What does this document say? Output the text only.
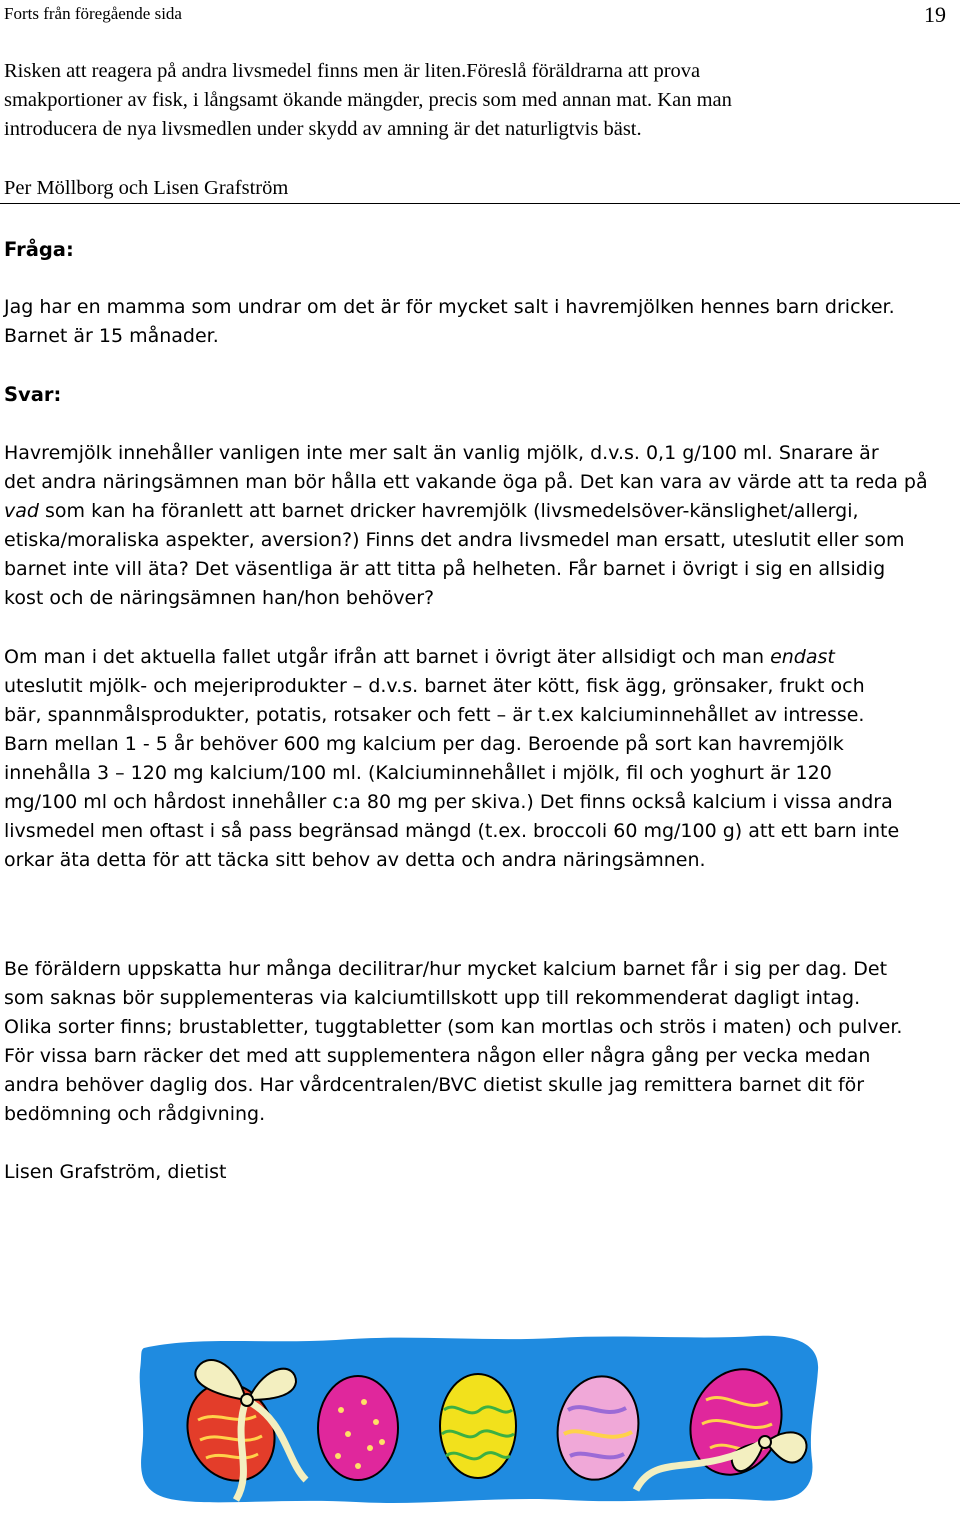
Forts från föregående sida	19
Risken att reagera på andra livsmedel finns men är liten.Föreslå föräldrarna att prova
smakportioner av fisk, i långsamt ökande mängder, precis som med annan mat. Kan man
introducera de nya livsmedlen under skydd av amning är det naturligtvis bäst.
Per Möllborg och Lisen Grafström
Fråga:
Jag har en mamma som undrar om det är för mycket salt i havremjölken hennes barn dricker.
Barnet är 15 månader.
Svar:
Havremjölk innehåller vanligen inte mer salt än vanlig mjölk, d.v.s. 0,1 g/100 ml. Snarare är
det andra näringsämnen man bör hålla ett vakande öga på. Det kan vara av värde att ta reda på
vad som kan ha föranlett att barnet dricker havremjölk (livsmedelsöver-känslighet/allergi,
etiska/moraliska aspekter, aversion?) Finns det andra livsmedel man ersatt, uteslutit eller som
barnet inte vill äta? Det väsentliga är att titta på helheten. Får barnet i övrigt i sig en allsidig
kost och de näringsämnen han/hon behöver?
Om man i det aktuella fallet utgår ifrån att barnet i övrigt äter allsidigt och man endast
uteslutit mjölk- och mejeriprodukter – d.v.s. barnet äter kött, fisk ägg, grönsaker, frukt och
bär, spannmålsprodukter, potatis, rotsaker och fett – är t.ex kalciuminnehållet av intresse.
Barn mellan 1 - 5 år behöver 600 mg kalcium per dag. Beroende på sort kan havremjölk
innehålla 3 – 120 mg kalcium/100 ml. (Kalciuminnehållet i mjölk, fil och yoghurt är 120
mg/100 ml och hårdost innehåller c:a 80 mg per skiva.) Det finns också kalcium i vissa andra
livsmedel men oftast i så pass begränsad mängd (t.ex. broccoli 60 mg/100 g) att ett barn inte
orkar äta detta för att täcka sitt behov av detta och andra näringsämnen.
Be föräldern uppskatta hur många decilitrar/hur mycket kalcium barnet får i sig per dag. Det
som saknas bör supplementeras via kalciumtillskott upp till rekommenderat dagligt intag.
Olika sorter finns; brustabletter, tuggtabletter (som kan mortlas och strös i maten) och pulver.
För vissa barn räcker det med att supplementera någon eller några gång per vecka medan
andra behöver daglig dos. Har vårdcentralen/BVC dietist skulle jag remittera barnet dit för
bedömning och rådgivning.
Lisen Grafström, dietist
